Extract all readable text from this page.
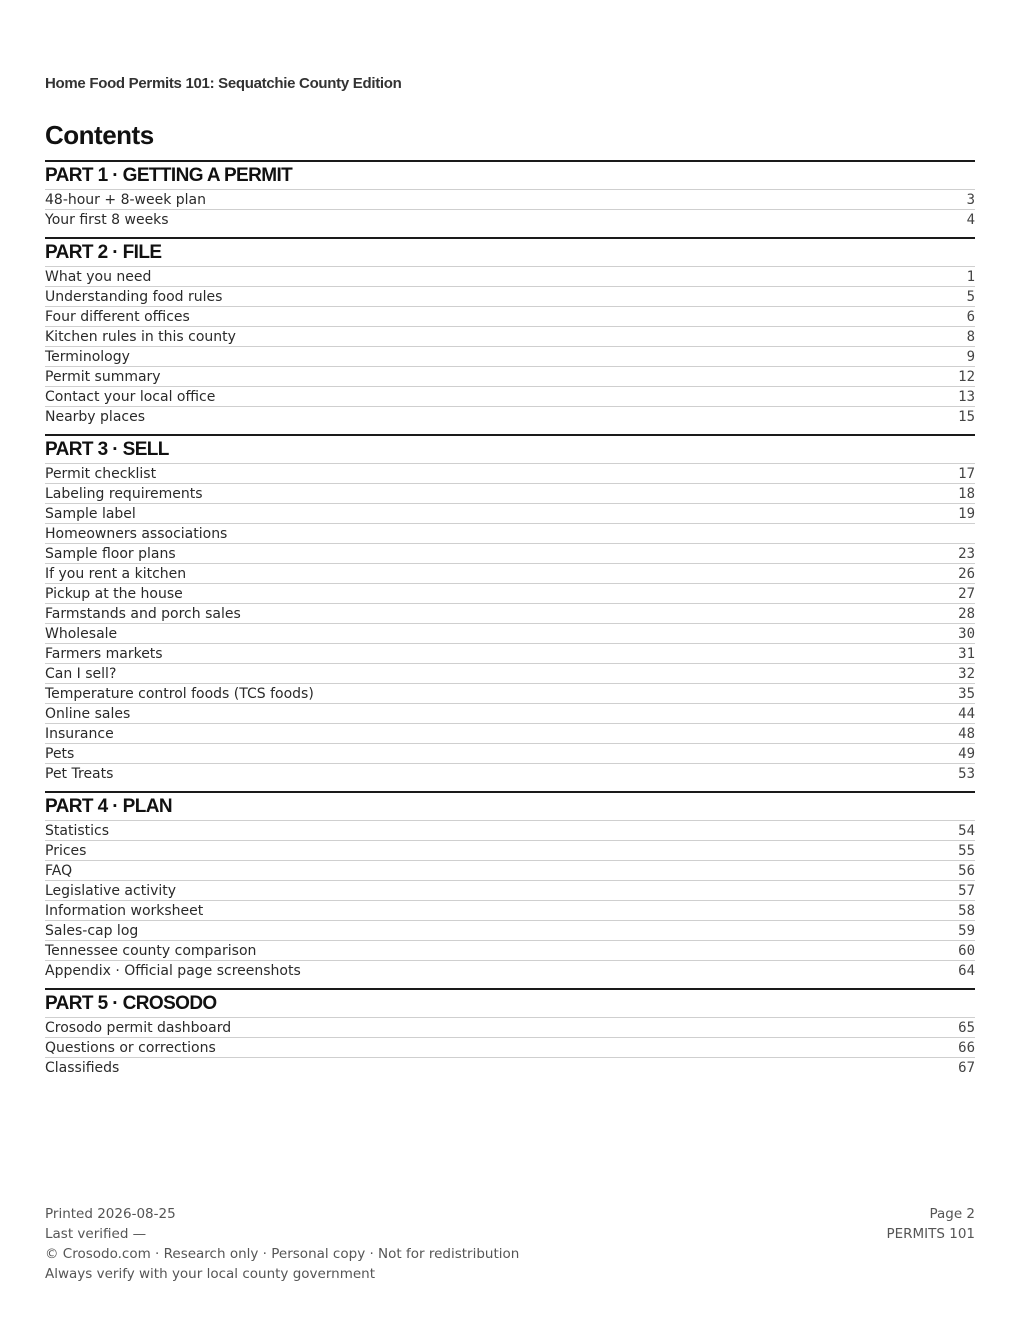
Home Food Permits 101: Sequatchie County Edition
Contents
PART 1 · GETTING A PERMIT
48-hour + 8-week plan	3
Your first 8 weeks	4
PART 2 · FILE
What you need	1
Understanding food rules	5
Four different offices	6
Kitchen rules in this county	8
Terminology	9
Permit summary	12
Contact your local office	13
Nearby places	15
PART 3 · SELL
Permit checklist	17
Labeling requirements	18
Sample label	19
Homeowners associations
Sample floor plans	23
If you rent a kitchen	26
Pickup at the house	27
Farmstands and porch sales	28
Wholesale	30
Farmers markets	31
Can I sell?	32
Temperature control foods (TCS foods)	35
Online sales	44
Insurance	48
Pets	49
Pet Treats	53
PART 4 · PLAN
Statistics	54
Prices	55
FAQ	56
Legislative activity	57
Information worksheet	58
Sales-cap log	59
Tennessee county comparison	60
Appendix · Official page screenshots	64
PART 5 · CROSODO
Crosodo permit dashboard	65
Questions or corrections	66
Classifieds	67
Printed 2026-08-25
Last verified —
© Crosodo.com · Research only · Personal copy · Not for redistribution
Always verify with your local county government
Page 2
PERMITS 101
